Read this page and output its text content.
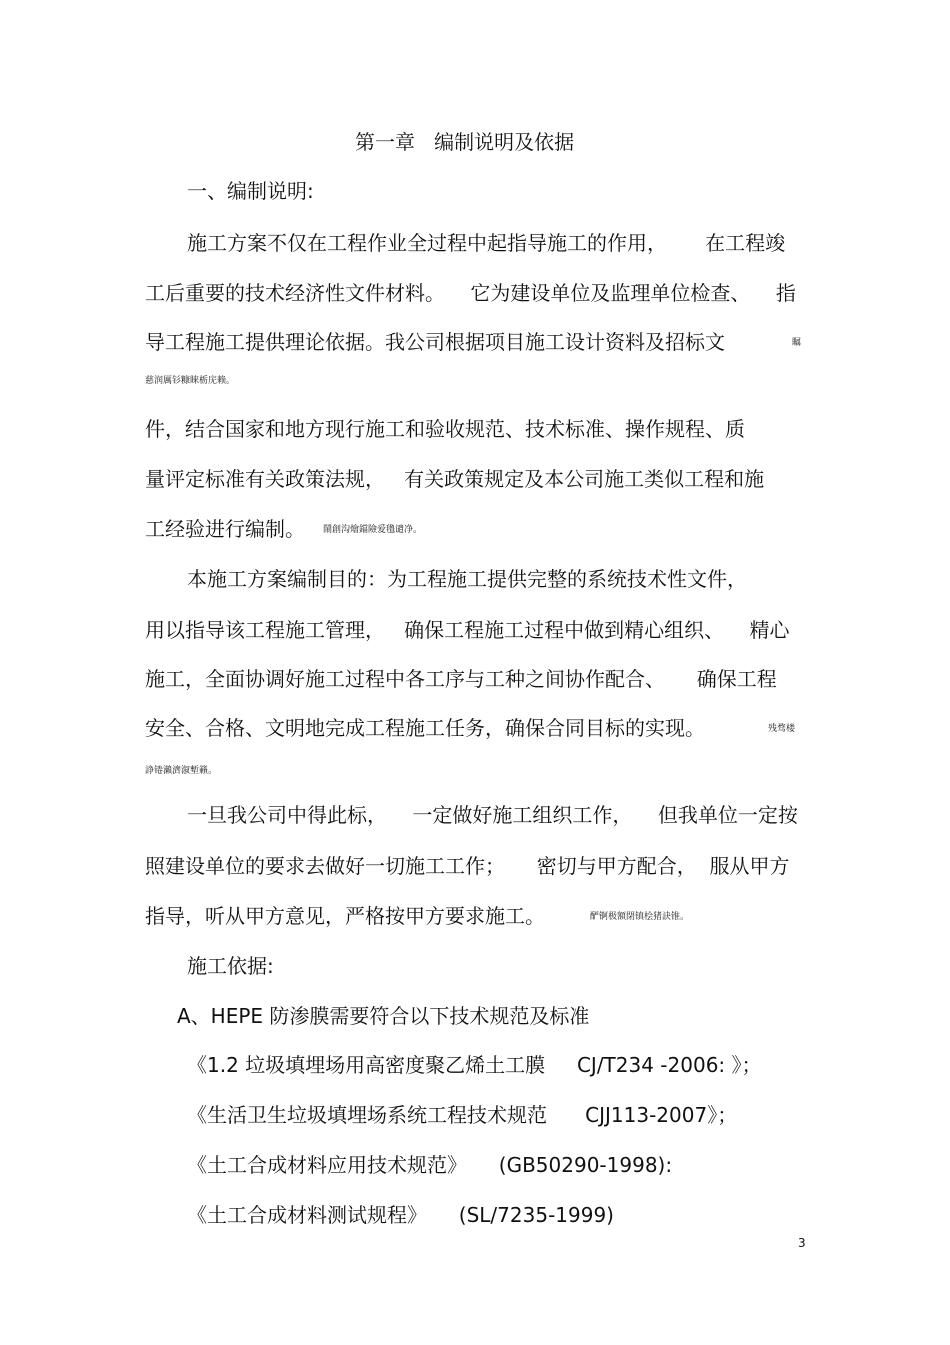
第一章   编制说明及依据
一、编制说明:
施工方案不仅在工程作业全过程中起指导施工的作用，      在工程竣
工后重要的技术经济性文件材料。    它为建设单位及监理单位检查、    指
导工程施工提供理论依据。我公司根据项目施工设计资料及招标文	瞩
慈润厲钐糠睞栃庑赖。
件，结合国家和地方现行施工和验收规范、技术标准、操作规程、质
量评定标准有关政策法规，   有关政策规定及本公司施工类似工程和施
工经验进行编制。 鬧創沟燴鐺險爱氇谴净。
本施工方案编制目的：为工程施工提供完整的系统技术性文件，
用以指导该工程施工管理，   确保工程施工过程中做到精心组织、    精心
施工，全面协调好施工过程中各工序与工种之间协作配合、     确保工程
安全、合格、文明地完成工程施工任务，确保合同目标的实现。	残骛楼
諍锩瀨濟溆塹籟。
一旦我公司中得此标，    一定做好施工组织工作，    但我单位一定按
照建设单位的要求去做好一切施工工作；     密切与甲方配合，  服从甲方
指导，听从甲方意见，严格按甲方要求施工。	酽锕极額閉镇桧猪訣锥。
施工依据:
A、HEPE 防渗膜需要符合以下技术规范及标准
《1.2 垃圾填埋场用高密度聚乙烯土工膜     CJ/T234 -2006: 》；
《生活卫生垃圾填埋场系统工程技术规范      CJJ113-2007》；
《土工合成材料应用技术规范》     (GB50290-1998):
《土工合成材料测试规程》     (SL/7235-1999)
3
